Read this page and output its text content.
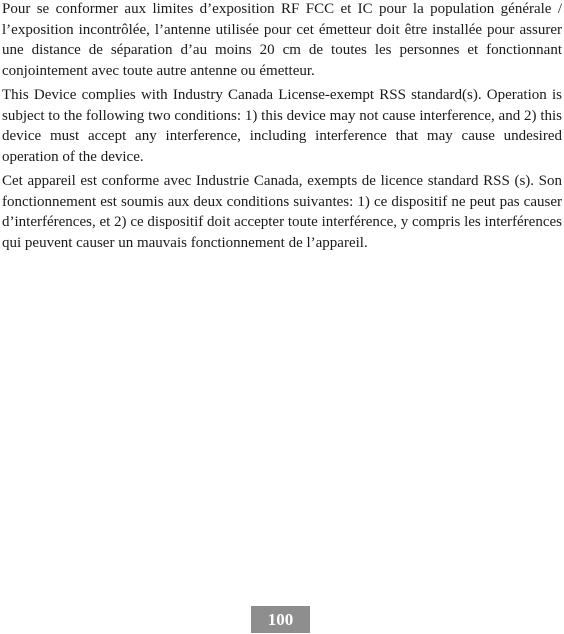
Pour se conformer aux limites d’exposition RF FCC et IC pour la population générale / l’exposition incontrôlée, l’antenne utilisée pour cet émetteur doit être installée pour assurer une distance de séparation d’au moins 20 cm de toutes les personnes et fonctionnant conjointement avec toute autre antenne ou émetteur.

This Device complies with Industry Canada License-exempt RSS standard(s). Operation is subject to the following two conditions: 1) this device may not cause interference, and 2) this device must accept any interference, including interference that may cause undesired operation of the device.

Cet appareil est conforme avec Industrie Canada, exempts de licence standard RSS (s). Son fonctionnement est soumis aux deux conditions suivantes: 1) ce dispositif ne peut pas causer d’interférences, et 2) ce dispositif doit accepter toute interférence, y compris les interférences qui peuvent causer un mauvais fonctionnement de l’appareil.

100
